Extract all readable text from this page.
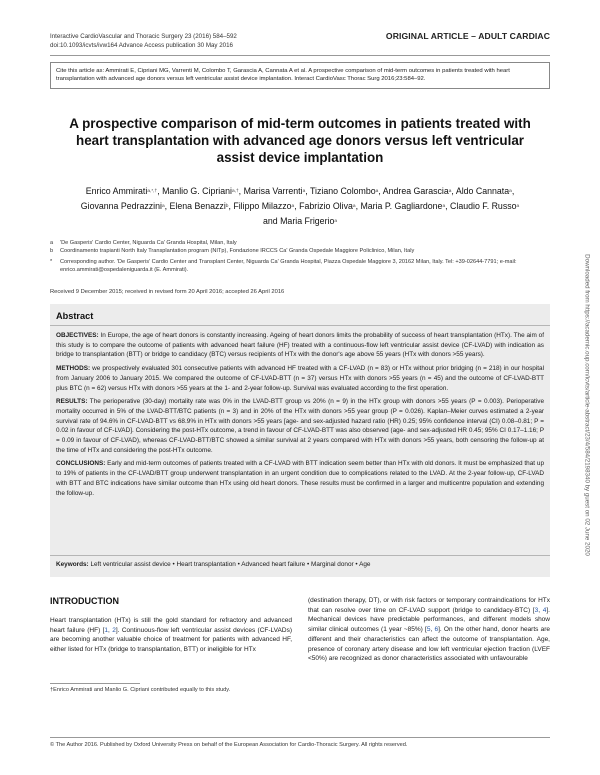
Interactive CardioVascular and Thoracic Surgery 23 (2016) 584–592
doi:10.1093/icvts/ivw164 Advance Access publication 30 May 2016
ORIGINAL ARTICLE – ADULT CARDIAC
Cite this article as: Ammirati E, Cipriani MG, Varrenti M, Colombo T, Garascia A, Cannata A et al. A prospective comparison of mid-term outcomes in patients treated with heart transplantation with advanced age donors versus left ventricular assist device implantation. Interact CardioVasc Thorac Surg 2016;23:584–92.
A prospective comparison of mid-term outcomes in patients treated with heart transplantation with advanced age donors versus left ventricular assist device implantation
Enrico Ammirati$^{a,*,\dagger}$, Manlio G. Cipriani$^{a,\dagger}$, Marisa Varrenti$^a$, Tiziano Colombo$^a$, Andrea Garascia$^a$, Aldo Cannata$^a$, Giovanna Pedrazzini$^a$, Elena Benazzi$^b$, Filippo Milazzo$^a$, Fabrizio Oliva$^a$, Maria P. Gagliardone$^a$, Claudio F. Russo$^a$ and Maria Frigerio$^a$
a	'De Gasperis' Cardio Center, Niguarda Ca' Granda Hospital, Milan, Italy
b	Coordinamento trapianti North Italy Transplantation program (NITp), Fondazione IRCCS Ca' Granda Ospedale Maggiore Policlinico, Milan, Italy
*	Corresponding author. 'De Gasperis' Cardio Center and Transplant Center, Niguarda Ca' Granda Hospital, Piazza Ospedale Maggiore 3, 20162 Milan, Italy. Tel: +39-02644-7791; e-mail: enrico.ammirati@ospedaleniguarda.it (E. Ammirati).
Received 9 December 2015; received in revised form 20 April 2016; accepted 26 April 2016
Abstract

OBJECTIVES: In Europe, the age of heart donors is constantly increasing. Ageing of heart donors limits the probability of success of heart transplantation (HTx). The aim of this study is to compare the outcome of patients with advanced heart failure (HF) treated with a continuous-flow left ventricular assist device (CF-LVAD) with indication as bridge to transplantation (BTT) or bridge to candidacy (BTC) versus recipients of HTx with the donor's age above 55 years (HTx with donors >55 years).

METHODS: we prospectively evaluated 301 consecutive patients with advanced HF treated with a CF-LVAD (n = 83) or HTx without prior bridging (n = 218) in our hospital from January 2006 to January 2015. We compared the outcome of CF-LVAD-BTT (n = 37) versus HTx with donors >55 years (n = 45) and the outcome of CF-LVAD-BTT plus BTC (n = 62) versus HTx with donors >55 years at the 1- and 2-year follow-up. Survival was evaluated according to the first operation.

RESULTS: The perioperative (30-day) mortality rate was 0% in the LVAD-BTT group vs 20% (n = 9) in the HTx group with donors >55 years (P = 0.003). Perioperative mortality occurred in 5% of the LVAD-BTT/BTC patients (n = 3) and in 20% of the HTx with donors >55 year group (P = 0.026). Kaplan–Meier curves estimated a 2-year survival rate of 94.6% in CF-LVAD-BTT vs 68.9% in HTx with donors >55 years [age- and sex-adjusted hazard ratio (HR) 0.25; 95% confidence interval (CI) 0.08–0.81; P = 0.02 in favour of CF-LVAD]. Considering the post-HTx outcome, a trend in favour of CF-LVAD-BTT was also observed (age- and sex-adjusted HR 0.45; 95% CI 0.17–1.16; P = 0.09 in favour of CF-LVAD), whereas CF-LVAD-BTT/BTC showed a similar survival at 2 years compared with HTx with donors >55 years, both censoring the follow-up at the time of HTx and considering the post-HTx outcome.

CONCLUSIONS: Early and mid-term outcomes of patients treated with a CF-LVAD with BTT indication seem better than HTx with old donors. It must be emphasized that up to 19% of patients in the CF-LVAD/BTT group underwent transplantation in an urgent condition due to complications related to the LVAD. At the 2-year follow-up, CF-LVAD with BTT and BTC indications have similar outcome than HTx using old heart donors. These results must be confirmed in a larger and multicentre population and extending the follow-up.

Keywords: Left ventricular assist device • Heart transplantation • Advanced heart failure • Marginal donor • Age
INTRODUCTION

Heart transplantation (HTx) is still the gold standard for refractory and advanced heart failure (HF) [1, 2]. Continuous-flow left ventricular assist devices (CF-LVADs) are becoming another valuable choice of treatment for patients with advanced HF, either listed for HTx (bridge to transplantation, BTT) or ineligible for HTx

(destination therapy, DT), or with risk factors or temporary contraindications for HTx that can resolve over time on CF-LVAD support (bridge to candidacy-BTC) [3, 4]. Mechanical devices have predictable performances, and different models show similar clinical outcomes (1 year ~85%) [5, 6]. On the other hand, donor hearts are different and their characteristics can affect the outcome of transplantation. Age, presence of coronary artery disease and low left ventricular ejection fraction (LVEF <50%) are recognized as donor characteristics associated with unfavourable

†Enrico Ammirati and Manlio G. Cipriani contributed equally to this study.
© The Author 2016. Published by Oxford University Press on behalf of the European Association for Cardio-Thoracic Surgery. All rights reserved.
Downloaded from https://academic.oup.com/icvts/article-abstract/23/4/584/2198340 by guest on 02 June 2020
